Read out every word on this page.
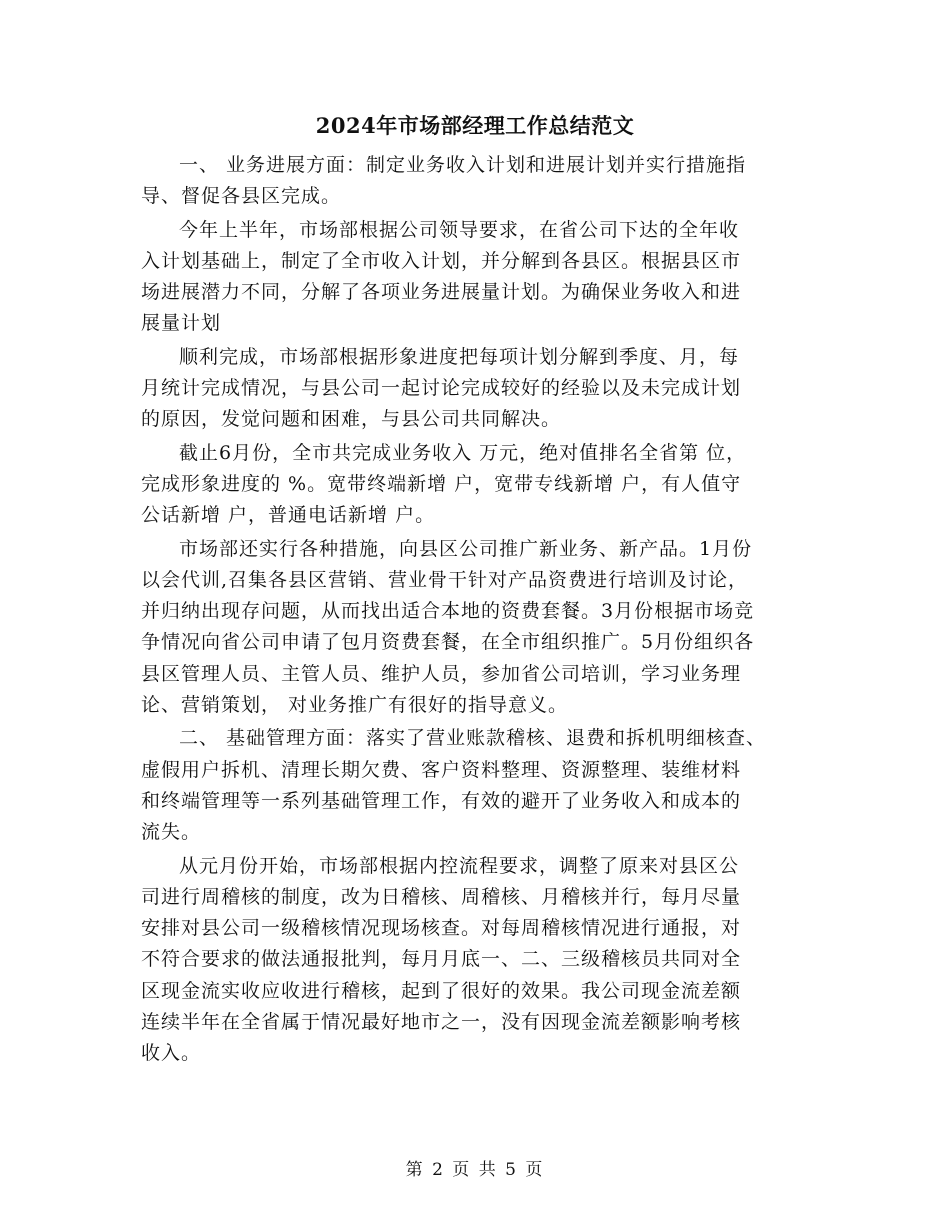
2024年市场部经理工作总结范文
一、 业务进展方面：制定业务收入计划和进展计划并实行措施指
导、督促各县区完成。
今年上半年，市场部根据公司领导要求，在省公司下达的全年收
入计划基础上，制定了全市收入计划，并分解到各县区。根据县区市
场进展潜力不同，分解了各项业务进展量计划。为确保业务收入和进
展量计划
顺利完成，市场部根据形象进度把每项计划分解到季度、月，每
月统计完成情况，与县公司一起讨论完成较好的经验以及未完成计划
的原因，发觉问题和困难，与县公司共同解决。
截止6月份，全市共完成业务收入 万元，绝对值排名全省第 位，
完成形象进度的 %。宽带终端新增 户，宽带专线新增 户，有人值守
公话新增 户，普通电话新增 户。
市场部还实行各种措施，向县区公司推广新业务、新产品。1月份
以会代训,召集各县区营销、营业骨干针对产品资费进行培训及讨论，
并归纳出现存问题，从而找出适合本地的资费套餐。3月份根据市场竞
争情况向省公司申请了包月资费套餐，在全市组织推广。5月份组织各
县区管理人员、主管人员、维护人员，参加省公司培训，学习业务理
论、营销策划， 对业务推广有很好的指导意义。
二、 基础管理方面：落实了营业账款稽核、退费和拆机明细核查、
虚假用户拆机、清理长期欠费、客户资料整理、资源整理、装维材料
和终端管理等一系列基础管理工作，有效的避开了业务收入和成本的
流失。
从元月份开始，市场部根据内控流程要求，调整了原来对县区公
司进行周稽核的制度，改为日稽核、周稽核、月稽核并行，每月尽量
安排对县公司一级稽核情况现场核查。对每周稽核情况进行通报，对
不符合要求的做法通报批判，每月月底一、二、三级稽核员共同对全
区现金流实收应收进行稽核，起到了很好的效果。我公司现金流差额
连续半年在全省属于情况最好地市之一，没有因现金流差额影响考核
收入。
第 2 页 共 5 页
